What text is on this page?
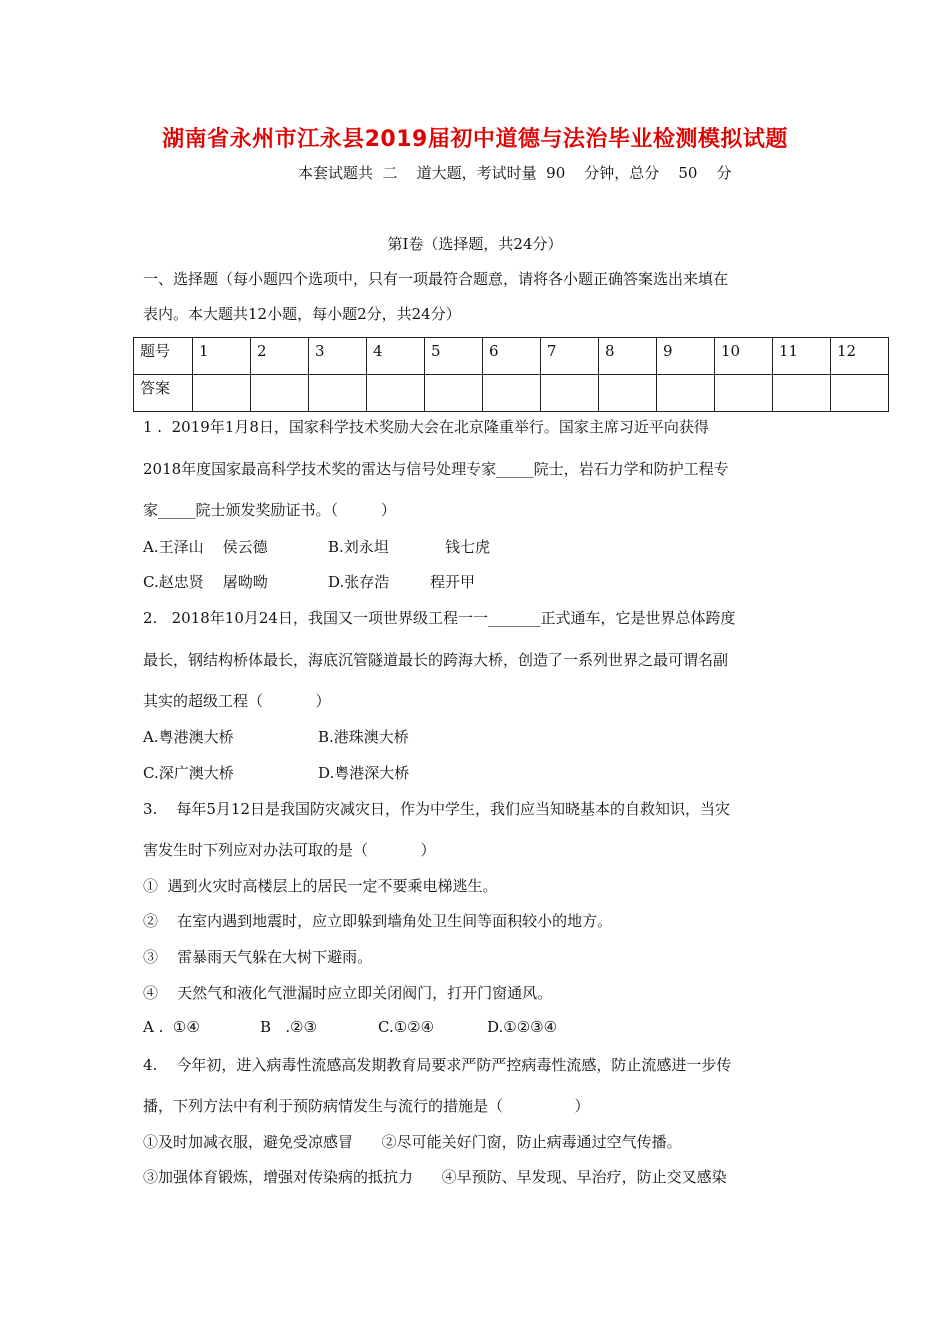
湖南省永州市江永县2019届初中道德与法治毕业检测模拟试题
本套试题共  二    道大题，考试时量  90    分钟，总分    50    分
第Ⅰ卷（选择题，共24分）
一、选择题（每小题四个选项中，只有一项最符合题意，请将各小题正确答案选出来填在
表内。本大题共12小题，每小题2分，共24分）
题号	1	2	3	4	5	6	7	8	9	10	11	12
答案												
1 .  2019年1月8日，国家科学技术奖励大会在北京隆重举行。国家主席习近平向获得
2018年度国家最高科学技术奖的雷达与信号处理专家_____院士，岩石力学和防护工程专
家_____院士颁发奖励证书。（         ）
A.王泽山    侯云德	B.刘永坦	钱七虎
C.赵忠贤    屠呦呦	D.张存浩	程开甲
2.   2018年10月24日，我国又一项世界级工程一一_______正式通车，它是世界总体跨度
最长，钢结构桥体最长，海底沉管隧道最长的跨海大桥，创造了一系列世界之最可谓名副
其实的超级工程（           ）
A.粤港澳大桥	B.港珠澳大桥
C.深广澳大桥	D.粤港深大桥
3.    每年5月12日是我国防灾减灾日，作为中学生，我们应当知晓基本的自救知识，当灾
害发生时下列应对办法可取的是（           ）
①  遇到火灾时高楼层上的居民一定不要乘电梯逃生。
②    在室内遇到地震时，应立即躲到墙角处卫生间等面积较小的地方。
③    雷暴雨天气躲在大树下避雨。
④    天然气和液化气泄漏时应立即关闭阀门，打开门窗通风。
A .  ①④	B   .②③	C.①②④	D.①②③④
4.    今年初，进入病毒性流感高发期教育局要求严防严控病毒性流感，防止流感进一步传
播，下列方法中有利于预防病情发生与流行的措施是（               ）
①及时加减衣服，避免受凉感冒      ②尽可能关好门窗，防止病毒通过空气传播。
③加强体育锻炼，增强对传染病的抵抗力      ④早预防、早发现、早治疗，防止交叉感染
